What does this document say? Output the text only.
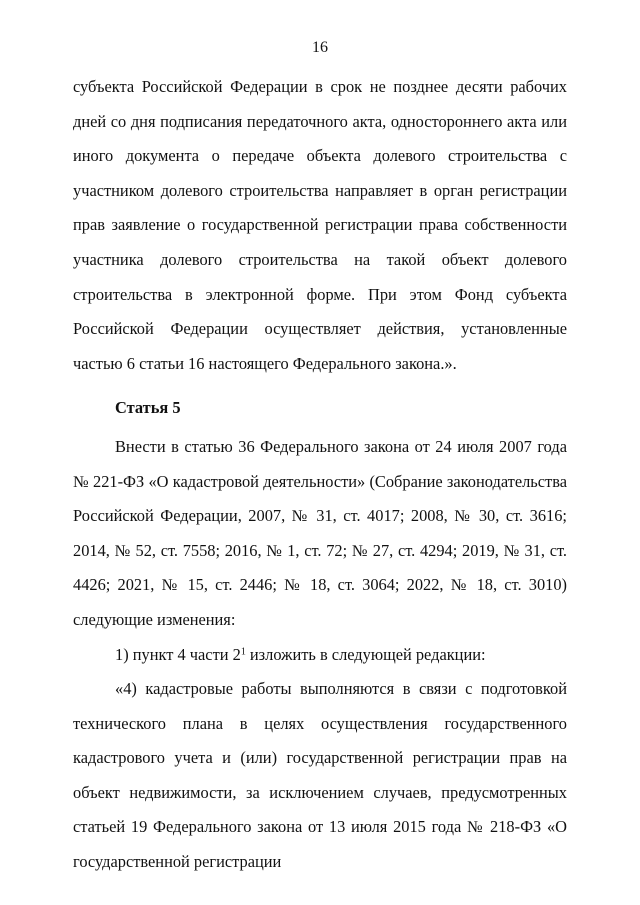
16

субъекта Российской Федерации в срок не позднее десяти рабочих дней со дня подписания передаточного акта, одностороннего акта или иного документа о передаче объекта долевого строительства с участником долевого строительства направляет в орган регистрации прав заявление о государственной регистрации права собственности участника долевого строительства на такой объект долевого строительства в электронной форме. При этом Фонд субъекта Российской Федерации осуществляет действия, установленные частью 6 статьи 16 настоящего Федерального закона.».

Статья 5

Внести в статью 36 Федерального закона от 24 июля 2007 года № 221-ФЗ «О кадастровой деятельности» (Собрание законодательства Российской Федерации, 2007, № 31, ст. 4017; 2008, № 30, ст. 3616; 2014, № 52, ст. 7558; 2016, № 1, ст. 72; № 27, ст. 4294; 2019, № 31, ст. 4426; 2021, № 15, ст. 2446; № 18, ст. 3064; 2022, № 18, ст. 3010) следующие изменения:

1) пункт 4 части $2^1$ изложить в следующей редакции:

«4) кадастровые работы выполняются в связи с подготовкой технического плана в целях осуществления государственного кадастрового учета и (или) государственной регистрации прав на объект недвижимости, за исключением случаев, предусмотренных статьей 19 Федерального закона от 13 июля 2015 года № 218-ФЗ «О государственной регистрации
